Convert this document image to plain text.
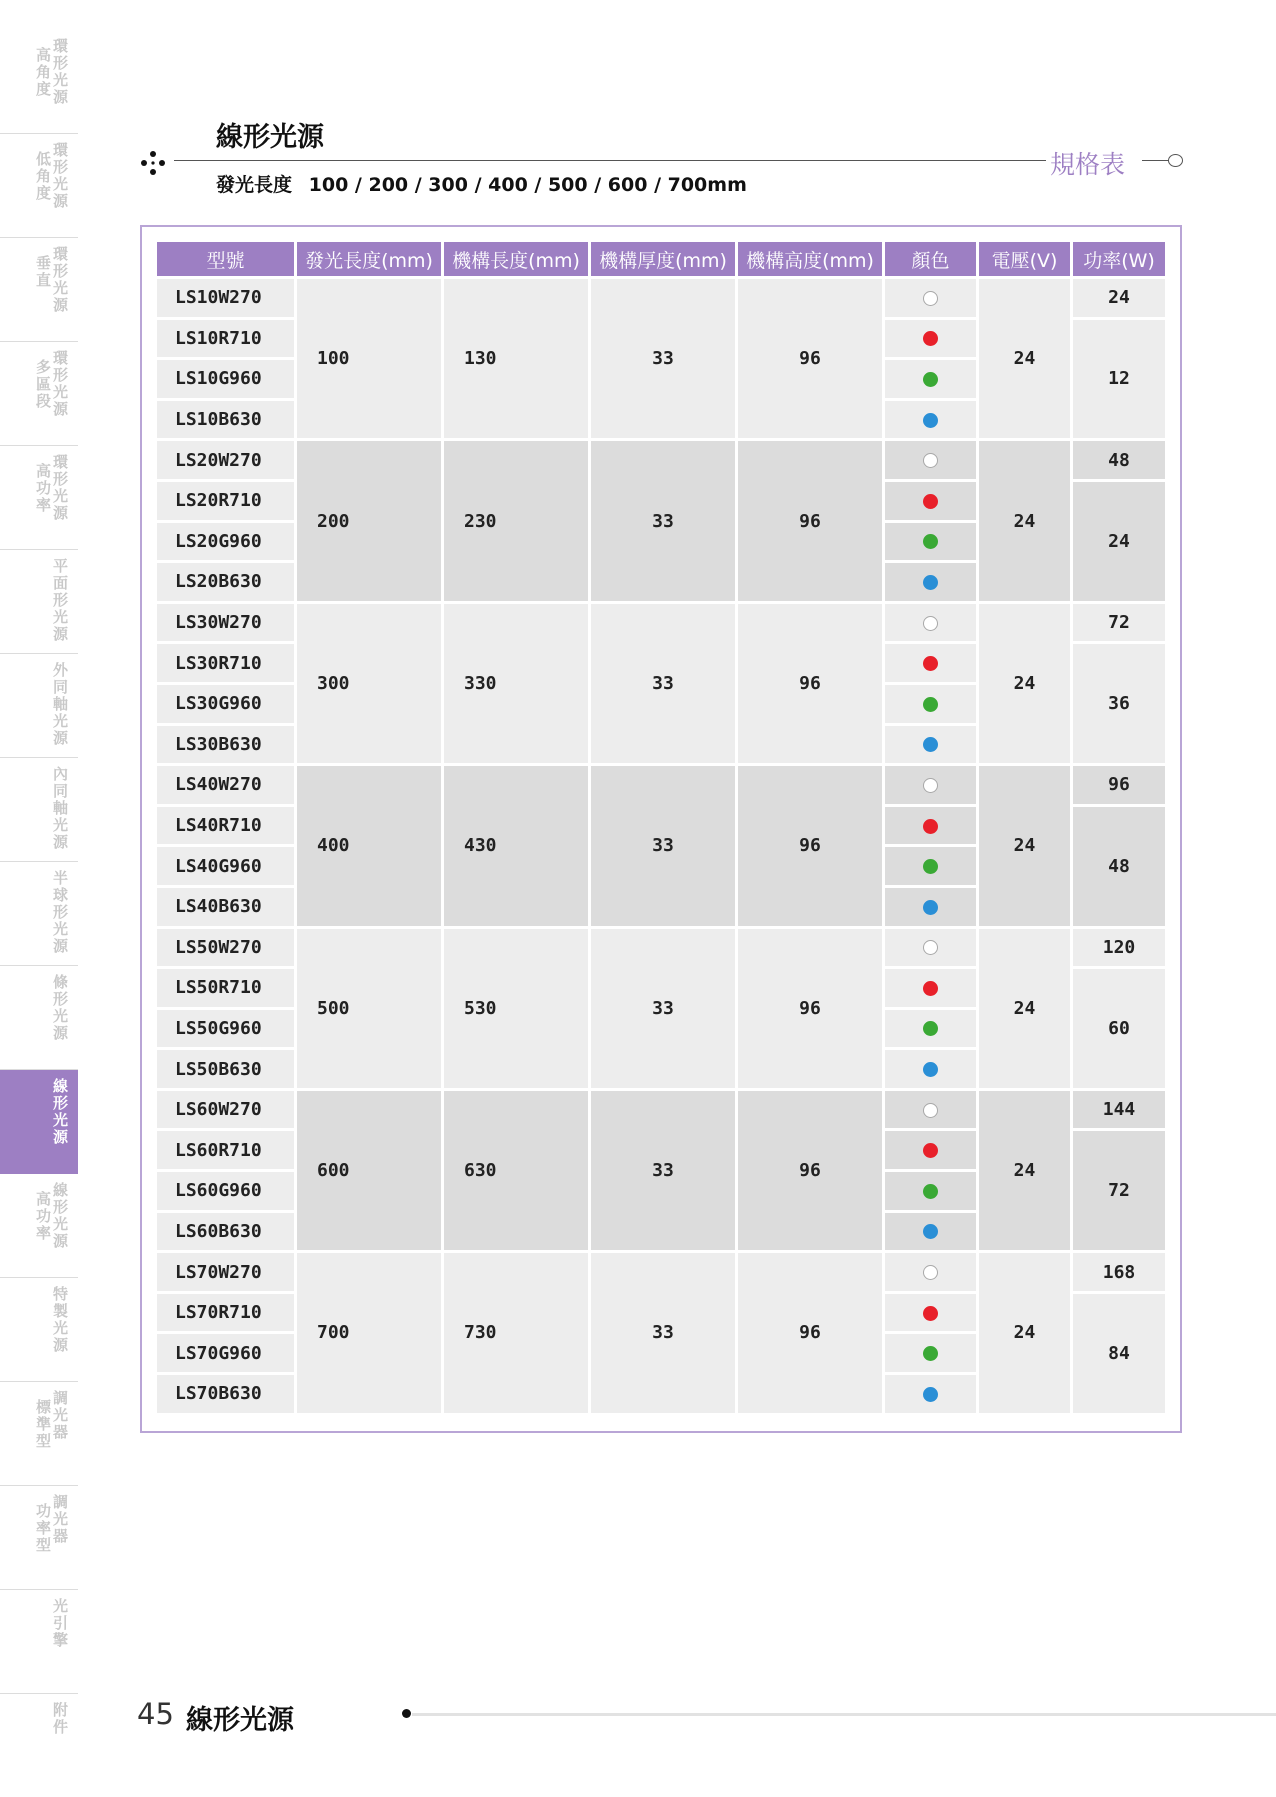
環
形
光
源
高
角
度
環
形
光
源
低
角
度
環
形
光
源
垂
直
環
形
光
源
多
區
段
環
形
光
源
高
功
率
平
面
形
光
源
外
同
軸
光
源
內
同
軸
光
源
半
球
形
光
源
條
形
光
源
線
形
光
源
線
形
光
源
高
功
率
特
製
光
源
調
光
器
標
準
型
調
光
器
功
率
型
光
引
擎
附
件
線形光源
規格表
發光長度 100 / 200 / 300 / 400 / 500 / 600 / 700mm
型號	發光長度(mm)	機構長度(mm)	機構厚度(mm)	機構高度(mm)	顏色	電壓(V)	功率(W)
LS10W270	100	130	33	96		24	24
LS10R710							12
LS10G960							
LS10B630							
LS20W270	200	230	33	96		24	48
LS20R710							24
LS20G960							
LS20B630							
LS30W270	300	330	33	96		24	72
LS30R710							36
LS30G960							
LS30B630							
LS40W270	400	430	33	96		24	96
LS40R710							48
LS40G960							
LS40B630							
LS50W270	500	530	33	96		24	120
LS50R710							60
LS50G960							
LS50B630							
LS60W270	600	630	33	96		24	144
LS60R710							72
LS60G960							
LS60B630							
LS70W270	700	730	33	96		24	168
LS70R710							84
LS70G960							
LS70B630							
45 線形光源
